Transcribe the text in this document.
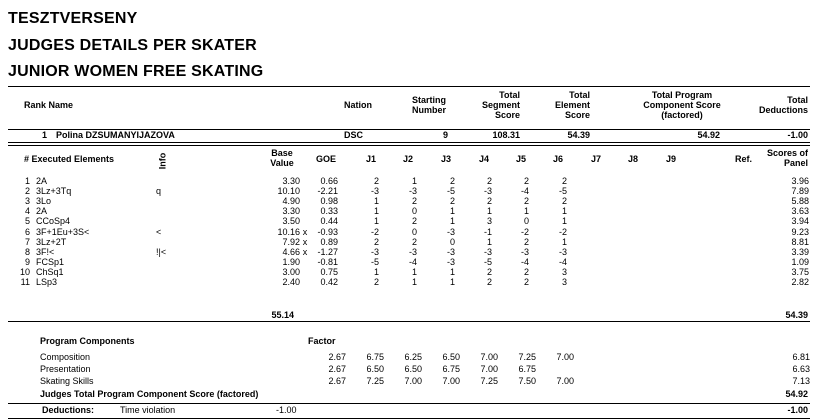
TESZTVERSENY
JUDGES DETAILS PER SKATER
JUNIOR WOMEN FREE SKATING
Rank Name	Nation	Starting
Number
Total
Segment
Score
Total
Element
Score
Total Program
Component Score
(factored)
Total
Deductions
1 Polina DZSUMANYIJAZOVA	DSC	9	108.31	54.39	54.92	-1.00
# Executed Elements	Info	Base
Value	GOE	J1	J2	J3	J4	J5	J6	J7	J8	J9	Ref.
Scores of
Panel
1		2A		3.30		0.66	2	1	2	2	2	2	3.96
2		3Lz+3Tq	q	10.10		-2.21	-3	-3	-5	-3	-4	-5	7.89
3		3Lo		4.90		0.98	1	2	2	2	2	2	5.88
4		2A		3.30		0.33	1	0	1	1	1	1	3.63
5		CCoSp4		3.50		0.44	1	2	1	3	0	1	3.94
6		3F+1Eu+3S<	<	10.16	x	-0.93	-2	0	-3	-1	-2	-2	9.23
7		3Lz+2T		7.92	x	0.89	2	2	0	1	2	1	8.81
8		3F!<	!|<	4.66	x	-1.27	-3	-3	-3	-3	-3	-3	3.39
9		FCSp1		1.90		-0.81	-5	-4	-3	-5	-4	-4	1.09
10		ChSq1		3.00		0.75	1	1	1	2	2	3	3.75
11		LSp3		2.40		0.42	2	1	1	2	2	3	2.82
55.14	54.39
Program Components	Factor
	Composition	2.67	6.75	6.25	6.50	7.00	7.25	7.00	6.81
	Presentation	2.67	6.50	6.50	6.75	7.00	6.75		6.63
	Skating Skills	2.67	7.25	7.00	7.00	7.25	7.50	7.00	7.13
Judges Total Program Component Score (factored)	54.92
Deductions:	Time violation	-1.00	-1.00
